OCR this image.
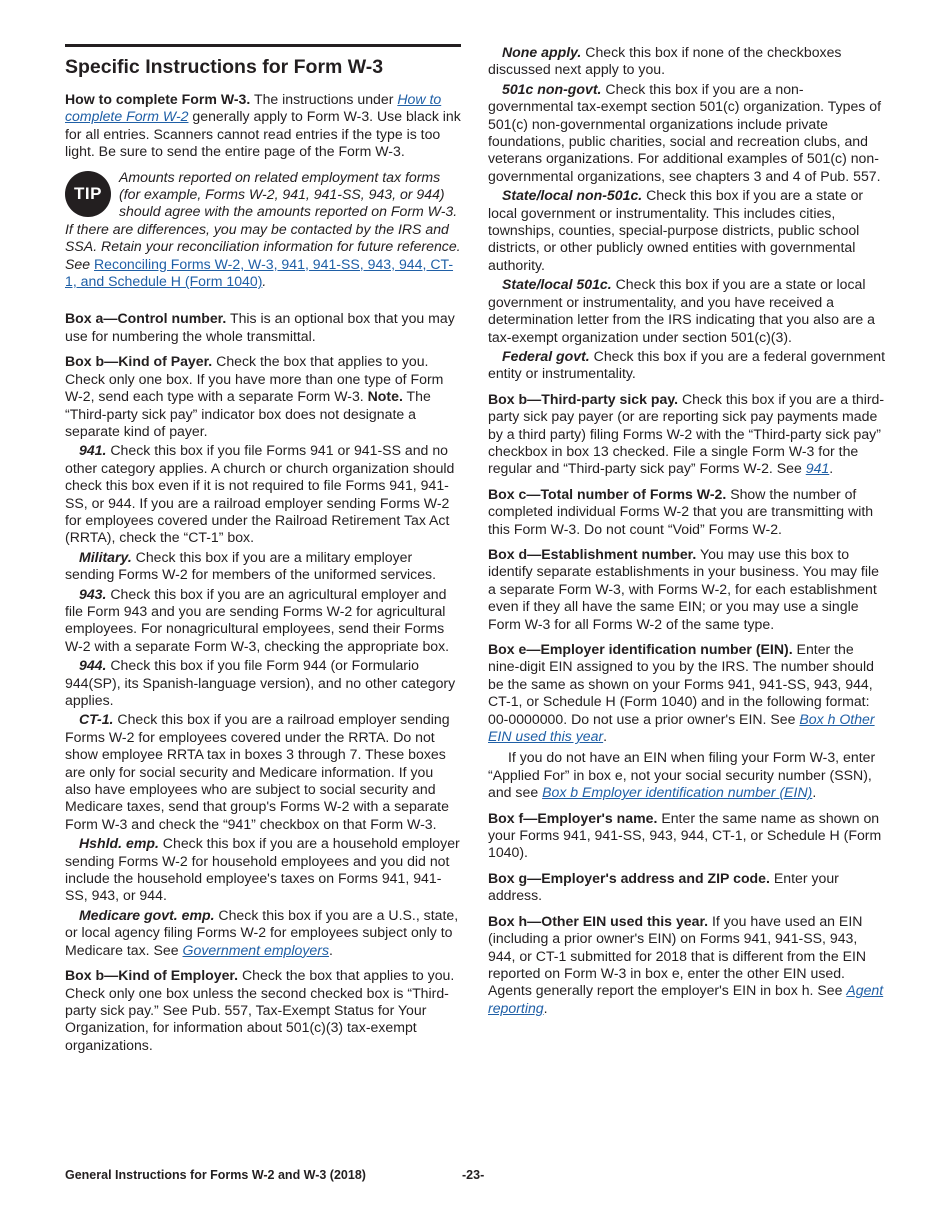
Specific Instructions for Form W-3

How to complete Form W-3. The instructions under How to complete Form W-2 generally apply to Form W-3. Use black ink for all entries. Scanners cannot read entries if the type is too light. Be sure to send the entire page of the Form W-3.

TIP
Amounts reported on related employment tax forms (for example, Forms W-2, 941, 941-SS, 943, or 944) should agree with the amounts reported on Form W-3. If there are differences, you may be contacted by the IRS and SSA. Retain your reconciliation information for future reference. See Reconciling Forms W-2, W-3, 941, 941-SS, 943, 944, CT-1, and Schedule H (Form 1040).

Box a—Control number. This is an optional box that you may use for numbering the whole transmittal.

Box b—Kind of Payer. Check the box that applies to you. Check only one box. If you have more than one type of Form W-2, send each type with a separate Form W-3. Note. The “Third-party sick pay” indicator box does not designate a separate kind of payer.

941. Check this box if you file Forms 941 or 941-SS and no other category applies. A church or church organization should check this box even if it is not required to file Forms 941, 941-SS, or 944. If you are a railroad employer sending Forms W-2 for employees covered under the Railroad Retirement Tax Act (RRTA), check the “CT-1” box.

Military. Check this box if you are a military employer sending Forms W-2 for members of the uniformed services.

943. Check this box if you are an agricultural employer and file Form 943 and you are sending Forms W-2 for agricultural employees. For nonagricultural employees, send their Forms W-2 with a separate Form W-3, checking the appropriate box.

944. Check this box if you file Form 944 (or Formulario 944(SP), its Spanish-language version), and no other category applies.

CT-1. Check this box if you are a railroad employer sending Forms W-2 for employees covered under the RRTA. Do not show employee RRTA tax in boxes 3 through 7. These boxes are only for social security and Medicare information. If you also have employees who are subject to social security and Medicare taxes, send that group's Forms W-2 with a separate Form W-3 and check the “941” checkbox on that Form W-3.

Hshld. emp. Check this box if you are a household employer sending Forms W-2 for household employees and you did not include the household employee's taxes on Forms 941, 941-SS, 943, or 944.

Medicare govt. emp. Check this box if you are a U.S., state, or local agency filing Forms W-2 for employees subject only to Medicare tax. See Government employers.

Box b—Kind of Employer. Check the box that applies to you. Check only one box unless the second checked box is “Third-party sick pay.” See Pub. 557, Tax-Exempt Status for Your Organization, for information about 501(c)(3) tax-exempt organizations.

None apply. Check this box if none of the checkboxes discussed next apply to you.

501c non-govt. Check this box if you are a non-governmental tax-exempt section 501(c) organization. Types of 501(c) non-governmental organizations include private foundations, public charities, social and recreation clubs, and veterans organizations. For additional examples of 501(c) non-governmental organizations, see chapters 3 and 4 of Pub. 557.

State/local non-501c. Check this box if you are a state or local government or instrumentality. This includes cities, townships, counties, special-purpose districts, public school districts, or other publicly owned entities with governmental authority.

State/local 501c. Check this box if you are a state or local government or instrumentality, and you have received a determination letter from the IRS indicating that you also are a tax-exempt organization under section 501(c)(3).

Federal govt. Check this box if you are a federal government entity or instrumentality.

Box b—Third-party sick pay. Check this box if you are a third-party sick pay payer (or are reporting sick pay payments made by a third party) filing Forms W-2 with the “Third-party sick pay” checkbox in box 13 checked. File a single Form W-3 for the regular and “Third-party sick pay” Forms W-2. See 941.

Box c—Total number of Forms W-2. Show the number of completed individual Forms W-2 that you are transmitting with this Form W-3. Do not count “Void” Forms W-2.

Box d—Establishment number. You may use this box to identify separate establishments in your business. You may file a separate Form W-3, with Forms W-2, for each establishment even if they all have the same EIN; or you may use a single Form W-3 for all Forms W-2 of the same type.

Box e—Employer identification number (EIN). Enter the nine-digit EIN assigned to you by the IRS. The number should be the same as shown on your Forms 941, 941-SS, 943, 944, CT-1, or Schedule H (Form 1040) and in the following format: 00-0000000. Do not use a prior owner's EIN. See Box h Other EIN used this year.

If you do not have an EIN when filing your Form W-3, enter “Applied For” in box e, not your social security number (SSN), and see Box b Employer identification number (EIN).

Box f—Employer's name. Enter the same name as shown on your Forms 941, 941-SS, 943, 944, CT-1, or Schedule H (Form 1040).

Box g—Employer's address and ZIP code. Enter your address.

Box h—Other EIN used this year. If you have used an EIN (including a prior owner's EIN) on Forms 941, 941-SS, 943, 944, or CT-1 submitted for 2018 that is different from the EIN reported on Form W-3 in box e, enter the other EIN used. Agents generally report the employer's EIN in box h. See Agent reporting.

General Instructions for Forms W-2 and W-3 (2018)	-23-
